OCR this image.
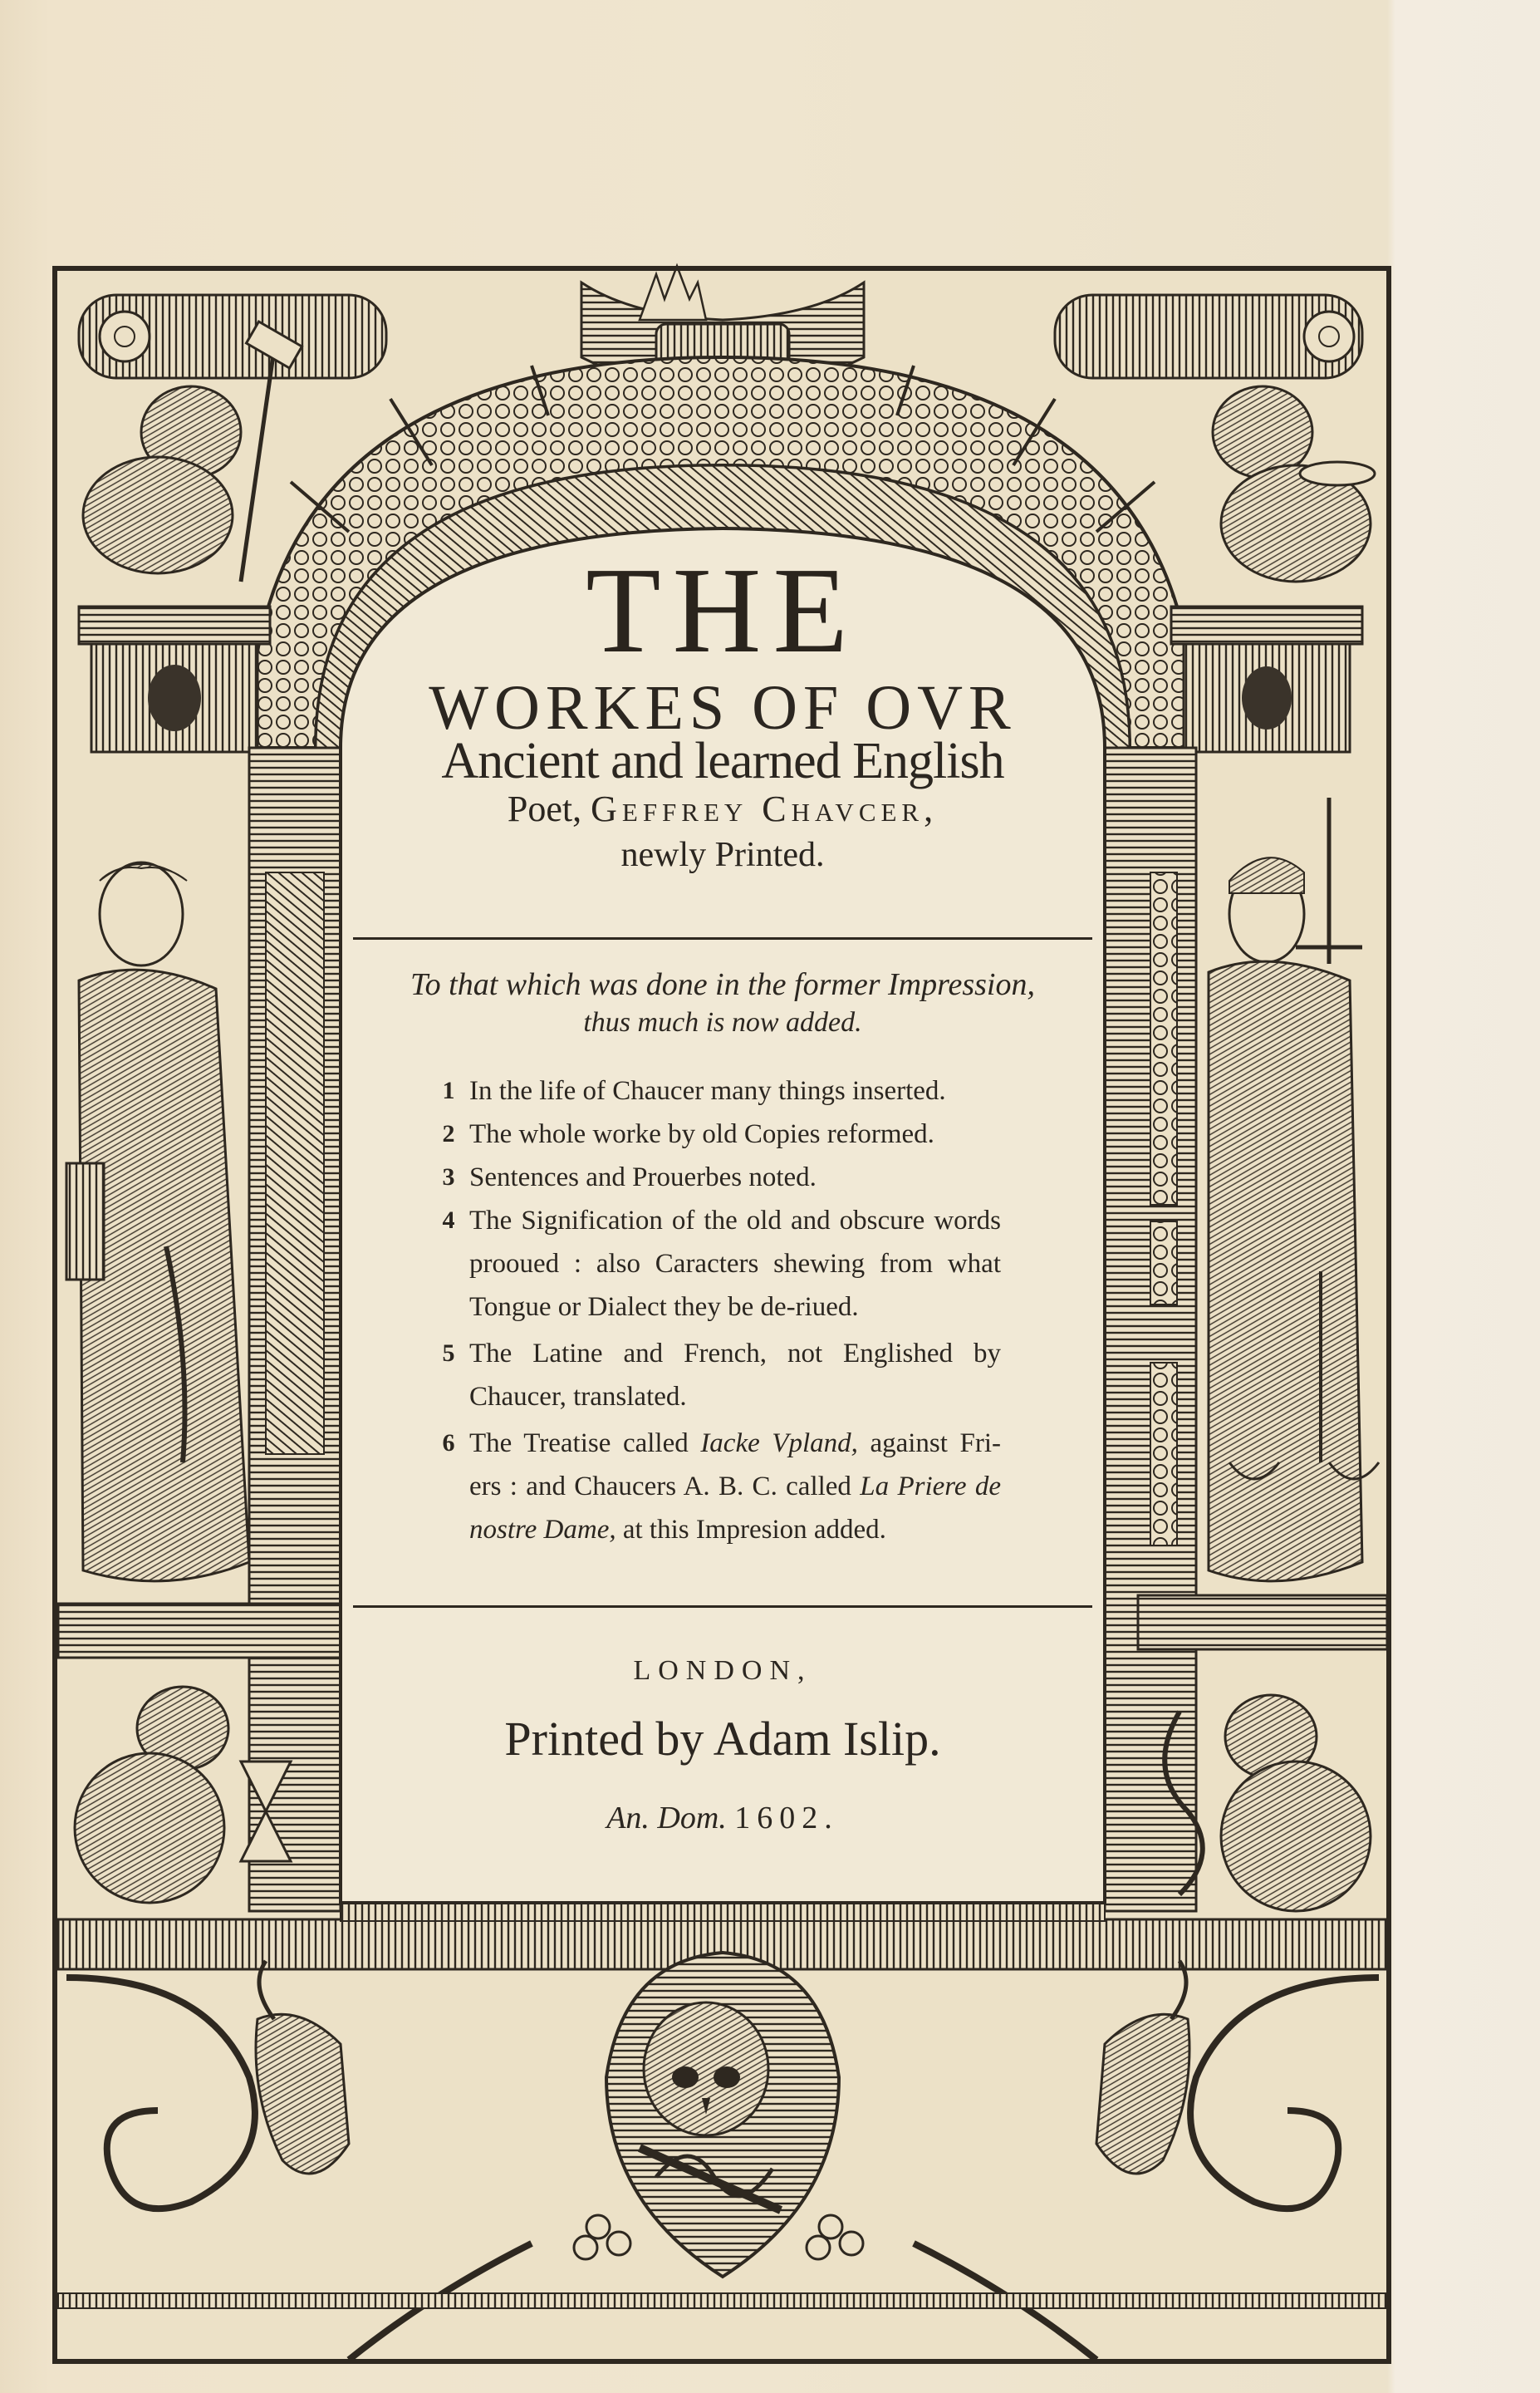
THE
WORKES OF OVR
Ancient and learned English
Poet, Geffrey Chavcer,
newly Printed.
To that which was done in the former Impression,
thus much is now added.
1 In the life of Chaucer many things inserted.
2 The whole worke by old Copies reformed.
3 Sentences and Prouerbes noted.
4 The Signification of the old and obscure words prooued : also Caracters shewing from what Tongue or Dialect they be de-riued.
5 The Latine and French, not Englished by Chaucer, translated.
6 The Treatise called Iacke Vpland, against Fri-ers : and Chaucers A. B. C. called La Priere de nostre Dame, at this Impresion added.
LONDON,
Printed by Adam Islip.
An. Dom. 1602.
